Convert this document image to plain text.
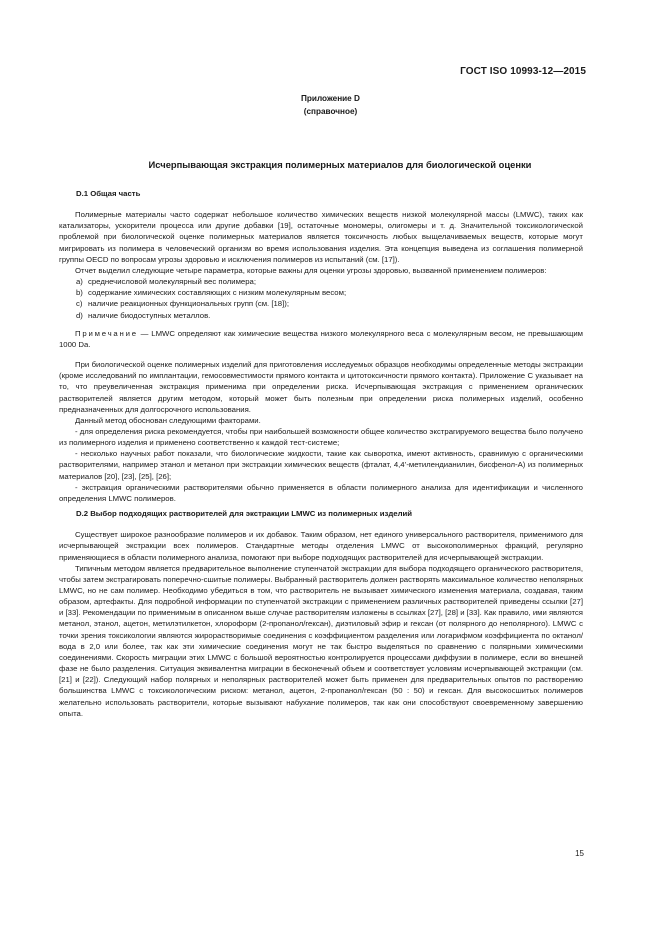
ГОСТ ISO 10993-12—2015
Приложение D
(справочное)
Исчерпывающая экстракция полимерных материалов для биологической оценки

D.1 Общая часть

Полимерные материалы часто содержат небольшое количество химических веществ низкой молекулярной массы (LMWC), таких как катализаторы, ускорители процесса или другие добавки [19], остаточные мономеры, олигомеры и т. д. Значительной токсикологической проблемой при биологической оценке полимерных материалов является токсичность любых выщелачиваемых веществ, которые могут мигрировать из полимера в человеческий организм во время использования изделия. Эта концепция выведена из соглашения полимерной группы OECD по вопросам угрозы здоровью и исключения полимеров из испытаний (см. [17]).

Отчет выделил следующие четыре параметра, которые важны для оценки угрозы здоровью, вызванной применением полимеров:

a) среднечисловой молекулярный вес полимера;

b) содержание химических составляющих с низким молекулярным весом;

c) наличие реакционных функциональных групп (см. [18]);

d) наличие биодоступных металлов.

Примечание — LMWC определяют как химические вещества низкого молекулярного веса с молекулярным весом, не превышающим 1000 Da.

При биологической оценке полимерных изделий для приготовления исследуемых образцов необходимы определенные методы экстракции (кроме исследований по имплантации, гемосовместимости прямого контакта и цитотоксичности прямого контакта). Приложение С указывает на то, что преувеличенная экстракция применима при определении риска. Исчерпывающая экстракция с применением органических растворителей является другим методом, который может быть полезным при определении риска полимерных изделий, особенно предназначенных для долгосрочного использования.

Данный метод обоснован следующими факторами.

- для определения риска рекомендуется, чтобы при наибольшей возможности общее количество экстрагируемого вещества было получено из полимерного изделия и применено соответственно к каждой тест-системе;

- несколько научных работ показали, что биологические жидкости, такие как сыворотка, имеют активность, сравнимую с органическими растворителями, например этанол и метанол при экстракции химических веществ (фталат, 4,4’-метилендианилин, бисфенол-А) из полимерных материалов [20], [23], [25], [26];

- экстракция органическими растворителями обычно применяется в области полимерного анализа для идентификации и численного определения LMWC полимеров.

D.2 Выбор подходящих растворителей для экстракции LMWC из полимерных изделий

Существует широкое разнообразие полимеров и их добавок. Таким образом, нет единого универсального растворителя, применимого для исчерпывающей экстракции всех полимеров. Стандартные методы отделения LMWC от высокополимерных фракций, регулярно применяющиеся в области полимерного анализа, помогают при выборе подходящих растворителей для исчерпывающей экстракции.

Типичным методом является предварительное выполнение ступенчатой экстракции для выбора подходящего органического растворителя, чтобы затем экстрагировать поперечно-сшитые полимеры. Выбранный растворитель должен растворять максимальное количество неполярных LMWC, но не сам полимер. Необходимо убедиться в том, что растворитель не вызывает химического изменения материала, создавая, таким образом, артефакты. Для подробной информации по ступенчатой экстракции с применением различных растворителей приведены ссылки [27] и [33]. Рекомендации по применимым в описанном выше случае растворителям изложены в ссылках [27], [28] и [33]. Как правило, ими являются метанол, этанол, ацетон, метилэтилкетон, хлороформ (2-пропанол/гексан), диэтиловый эфир и гексан (от полярного до неполярного). LMWC с точки зрения токсикологии являются жирорастворимые соединения с коэффициентом разделения или логарифмом коэффициента по октанол/вода в 2,0 или более, так как эти химические соединения могут не так быстро выделяться по сравнению с полярными химическими соединениями. Скорость миграции этих LMWC с большой вероятностью контролируется процессами диффузии в полимере, если во внешней фазе не было разделения. Ситуация эквивалентна миграции в бесконечный объем и соответствует условиям исчерпывающей экстракции (см. [21] и [22]). Следующий набор полярных и неполярных растворителей может быть применен для предварительных опытов по растворению большинства LMWC с токсикологическим риском: метанол, ацетон, 2-пропанол/гексан (50 : 50) и гексан. Для высокосшитых полимеров желательно использовать растворители, которые вызывают набухание полимеров, так как они способствуют своевременному завершению опыта.

15
